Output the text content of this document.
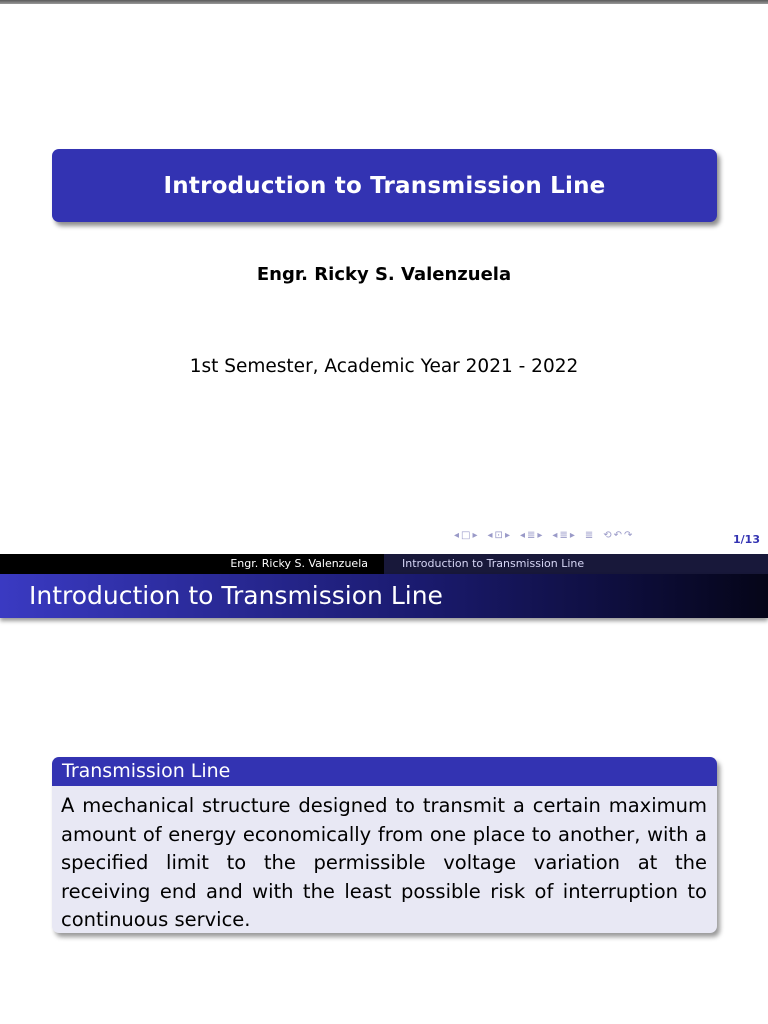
Introduction to Transmission Line
Engr. Ricky S. Valenzuela
1st Semester, Academic Year 2021 - 2022
◂ □ ▸ ◂ ⊡ ▸ ◂ ≣ ▸ ◂ ≣ ▸ ≣ ⟲ ↶ ↷	1/13
Engr. Ricky S. Valenzuela	Introduction to Transmission Line
Introduction to Transmission Line
Transmission Line
A mechanical structure designed to transmit a certain maximum amount of energy economically from one place to another, with a specified limit to the permissible voltage variation at the receiving end and with the least possible risk of interruption to continuous service.
